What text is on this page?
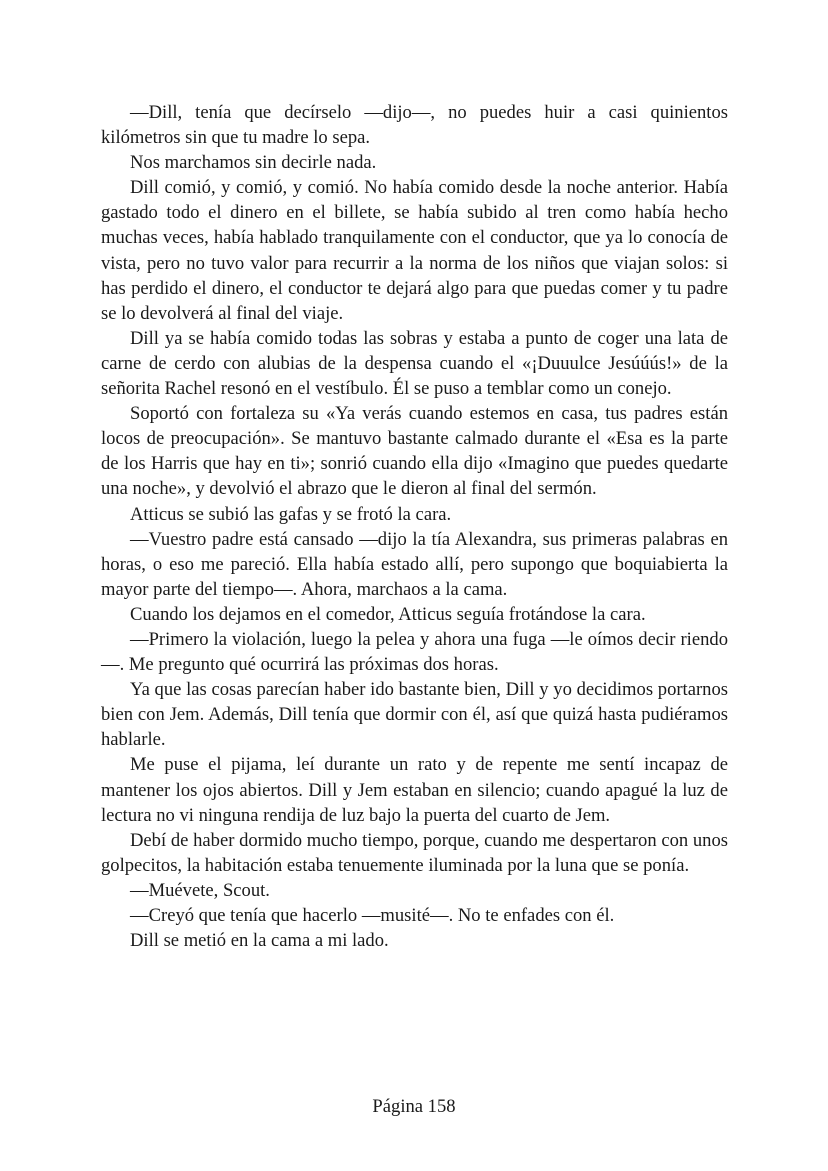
—Dill, tenía que decírselo —dijo—, no puedes huir a casi quinientos kilómetros sin que tu madre lo sepa.

Nos marchamos sin decirle nada.

Dill comió, y comió, y comió. No había comido desde la noche anterior. Había gastado todo el dinero en el billete, se había subido al tren como había hecho muchas veces, había hablado tranquilamente con el conductor, que ya lo conocía de vista, pero no tuvo valor para recurrir a la norma de los niños que viajan solos: si has perdido el dinero, el conductor te dejará algo para que puedas comer y tu padre se lo devolverá al final del viaje.

Dill ya se había comido todas las sobras y estaba a punto de coger una lata de carne de cerdo con alubias de la despensa cuando el «¡Duuulce Jesúúús!» de la señorita Rachel resonó en el vestíbulo. Él se puso a temblar como un conejo.

Soportó con fortaleza su «Ya verás cuando estemos en casa, tus padres están locos de preocupación». Se mantuvo bastante calmado durante el «Esa es la parte de los Harris que hay en ti»; sonrió cuando ella dijo «Imagino que puedes quedarte una noche», y devolvió el abrazo que le dieron al final del sermón.

Atticus se subió las gafas y se frotó la cara.

—Vuestro padre está cansado —dijo la tía Alexandra, sus primeras palabras en horas, o eso me pareció. Ella había estado allí, pero supongo que boquiabierta la mayor parte del tiempo—. Ahora, marchaos a la cama.

Cuando los dejamos en el comedor, Atticus seguía frotándose la cara.

—Primero la violación, luego la pelea y ahora una fuga —le oímos decir riendo—. Me pregunto qué ocurrirá las próximas dos horas.

Ya que las cosas parecían haber ido bastante bien, Dill y yo decidimos portarnos bien con Jem. Además, Dill tenía que dormir con él, así que quizá hasta pudiéramos hablarle.

Me puse el pijama, leí durante un rato y de repente me sentí incapaz de mantener los ojos abiertos. Dill y Jem estaban en silencio; cuando apagué la luz de lectura no vi ninguna rendija de luz bajo la puerta del cuarto de Jem.

Debí de haber dormido mucho tiempo, porque, cuando me despertaron con unos golpecitos, la habitación estaba tenuemente iluminada por la luna que se ponía.

—Muévete, Scout.

—Creyó que tenía que hacerlo —musité—. No te enfades con él.

Dill se metió en la cama a mi lado.

Página 158
